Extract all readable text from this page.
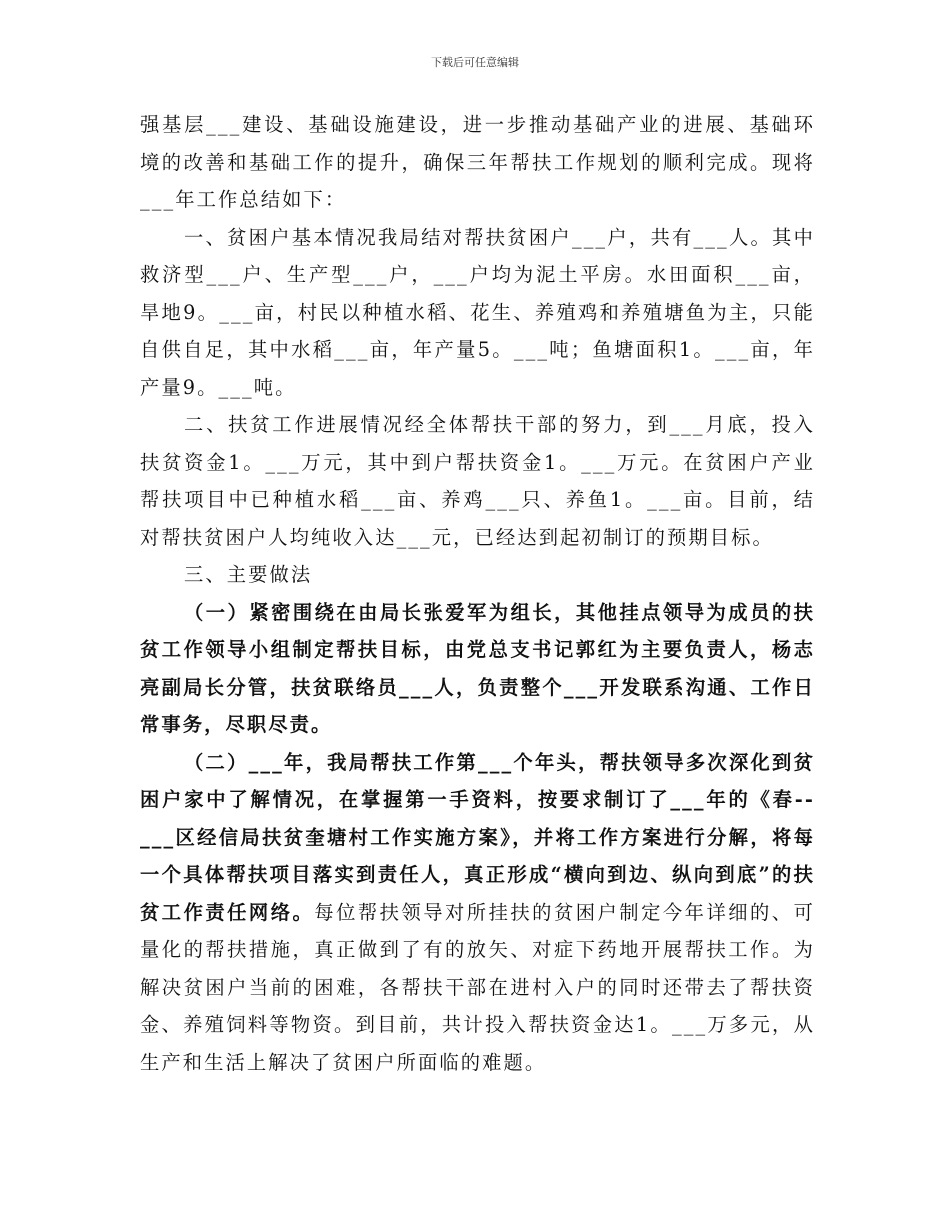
下载后可任意编辑

强基层___建设、基础设施建设，进一步推动基础产业的进展、基础环境的改善和基础工作的提升，确保三年帮扶工作规划的顺利完成。现将___年工作总结如下：

一、贫困户基本情况我局结对帮扶贫困户___户，共有___人。其中救济型___户、生产型___户，___户均为泥土平房。水田面积___亩，旱地9。___亩，村民以种植水稻、花生、养殖鸡和养殖塘鱼为主，只能自供自足，其中水稻___亩，年产量5。___吨；鱼塘面积1。___亩，年产量9。___吨。

二、扶贫工作进展情况经全体帮扶干部的努力，到___月底，投入扶贫资金1。___万元，其中到户帮扶资金1。___万元。在贫困户产业帮扶项目中已种植水稻___亩、养鸡___只、养鱼1。___亩。目前，结对帮扶贫困户人均纯收入达___元，已经达到起初制订的预期目标。

三、主要做法

（一）紧密围绕在由局长张爱军为组长，其他挂点领导为成员的扶贫工作领导小组制定帮扶目标，由党总支书记郭红为主要负责人，杨志亮副局长分管，扶贫联络员___人，负责整个___开发联系沟通、工作日常事务，尽职尽责。

（二）___年，我局帮扶工作第___个年头，帮扶领导多次深化到贫困户家中了解情况，在掌握第一手资料，按要求制订了___年的《春--___区经信局扶贫奎塘村工作实施方案》，并将工作方案进行分解，将每一个具体帮扶项目落实到责任人，真正形成“横向到边、纵向到底”的扶贫工作责任网络。每位帮扶领导对所挂扶的贫困户制定今年详细的、可量化的帮扶措施，真正做到了有的放矢、对症下药地开展帮扶工作。为解决贫困户当前的困难，各帮扶干部在进村入户的同时还带去了帮扶资金、养殖饲料等物资。到目前，共计投入帮扶资金达1。___万多元，从生产和生活上解决了贫困户所面临的难题。
